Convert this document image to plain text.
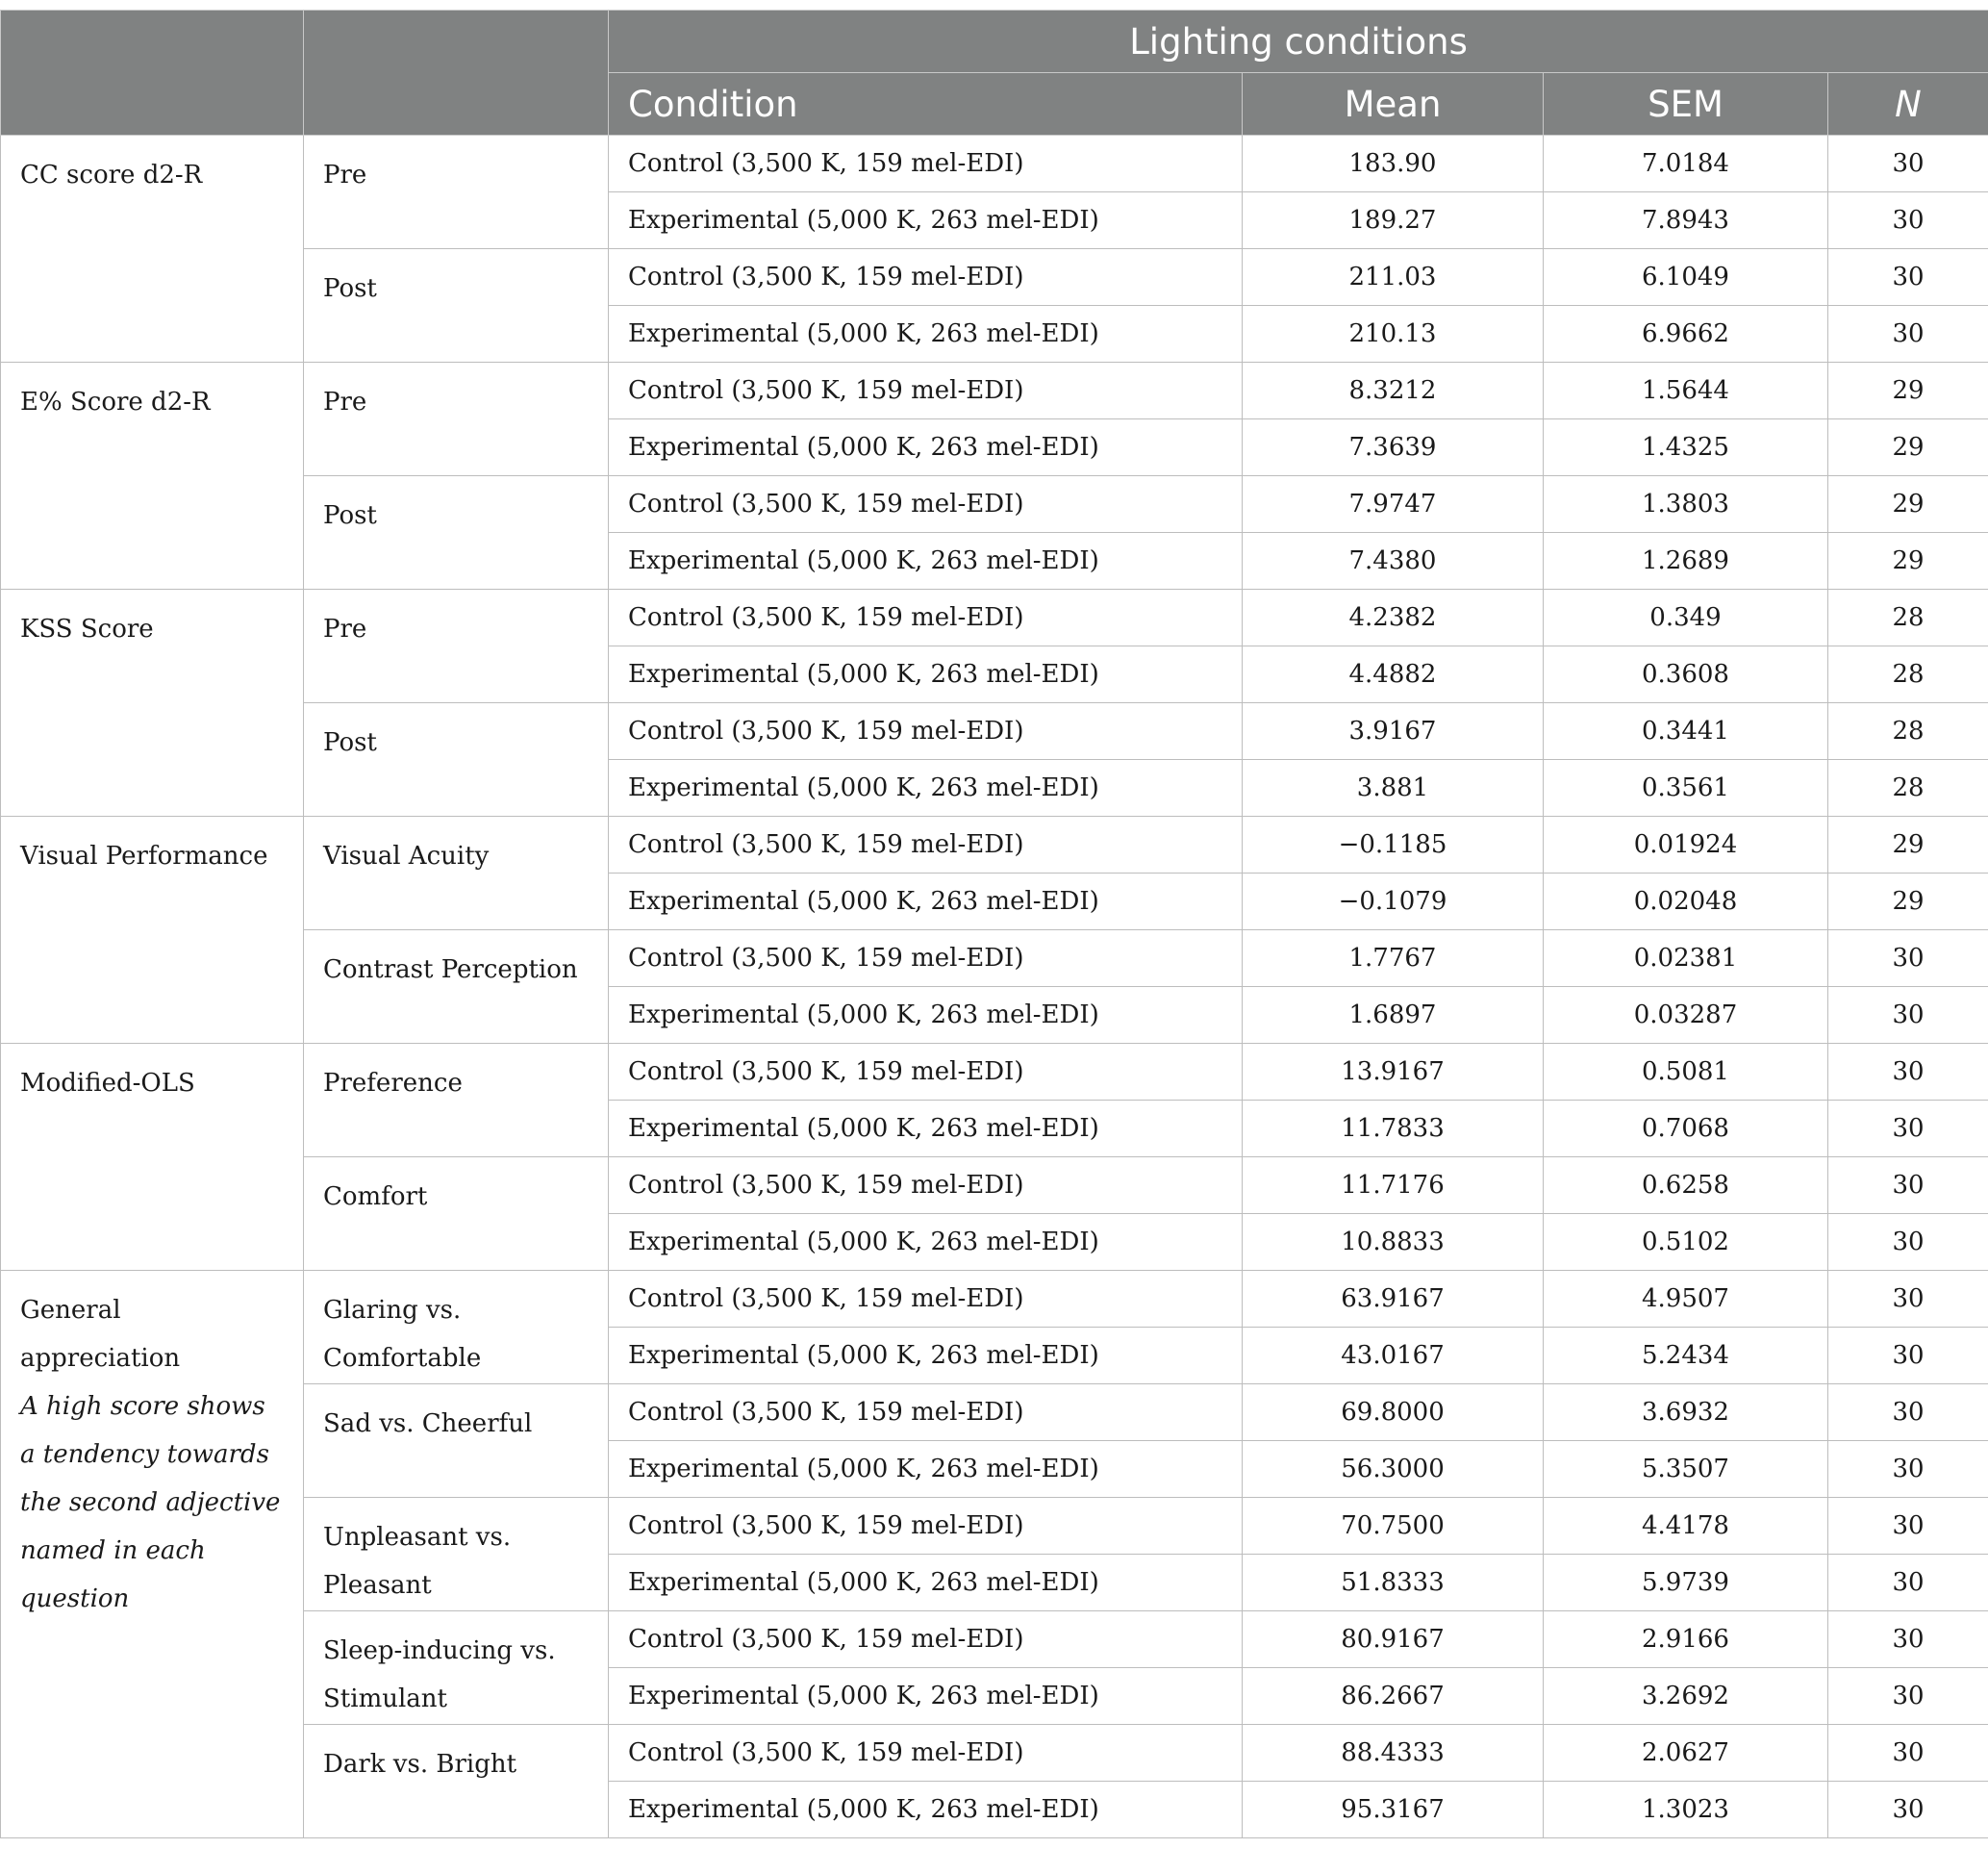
		Lighting conditions			
		Condition	Mean	SEM	N
CC score d2-R	Pre	Control (3,500 K, 159 mel-EDI)	183.90	7.0184	30
		Experimental (5,000 K, 263 mel-EDI)	189.27	7.8943	30
	Post	Control (3,500 K, 159 mel-EDI)	211.03	6.1049	30
		Experimental (5,000 K, 263 mel-EDI)	210.13	6.9662	30
E% Score d2-R	Pre	Control (3,500 K, 159 mel-EDI)	8.3212	1.5644	29
		Experimental (5,000 K, 263 mel-EDI)	7.3639	1.4325	29
	Post	Control (3,500 K, 159 mel-EDI)	7.9747	1.3803	29
		Experimental (5,000 K, 263 mel-EDI)	7.4380	1.2689	29
KSS Score	Pre	Control (3,500 K, 159 mel-EDI)	4.2382	0.349	28
		Experimental (5,000 K, 263 mel-EDI)	4.4882	0.3608	28
	Post	Control (3,500 K, 159 mel-EDI)	3.9167	0.3441	28
		Experimental (5,000 K, 263 mel-EDI)	3.881	0.3561	28
Visual Performance	Visual Acuity	Control (3,500 K, 159 mel-EDI)	−0.1185	0.01924	29
		Experimental (5,000 K, 263 mel-EDI)	−0.1079	0.02048	29
	Contrast Perception	Control (3,500 K, 159 mel-EDI)	1.7767	0.02381	30
		Experimental (5,000 K, 263 mel-EDI)	1.6897	0.03287	30
Modified-OLS	Preference	Control (3,500 K, 159 mel-EDI)	13.9167	0.5081	30
		Experimental (5,000 K, 263 mel-EDI)	11.7833	0.7068	30
	Comfort	Control (3,500 K, 159 mel-EDI)	11.7176	0.6258	30
		Experimental (5,000 K, 263 mel-EDI)	10.8833	0.5102	30
General appreciation
A high score shows a tendency towards the second adjective named in each question	Glaring vs. Comfortable	Control (3,500 K, 159 mel-EDI)	63.9167	4.9507	30
		Experimental (5,000 K, 263 mel-EDI)	43.0167	5.2434	30
	Sad vs. Cheerful	Control (3,500 K, 159 mel-EDI)	69.8000	3.6932	30
		Experimental (5,000 K, 263 mel-EDI)	56.3000	5.3507	30
	Unpleasant vs. Pleasant	Control (3,500 K, 159 mel-EDI)	70.7500	4.4178	30
		Experimental (5,000 K, 263 mel-EDI)	51.8333	5.9739	30
	Sleep-inducing vs. Stimulant	Control (3,500 K, 159 mel-EDI)	80.9167	2.9166	30
		Experimental (5,000 K, 263 mel-EDI)	86.2667	3.2692	30
	Dark vs. Bright	Control (3,500 K, 159 mel-EDI)	88.4333	2.0627	30
		Experimental (5,000 K, 263 mel-EDI)	95.3167	1.3023	30
